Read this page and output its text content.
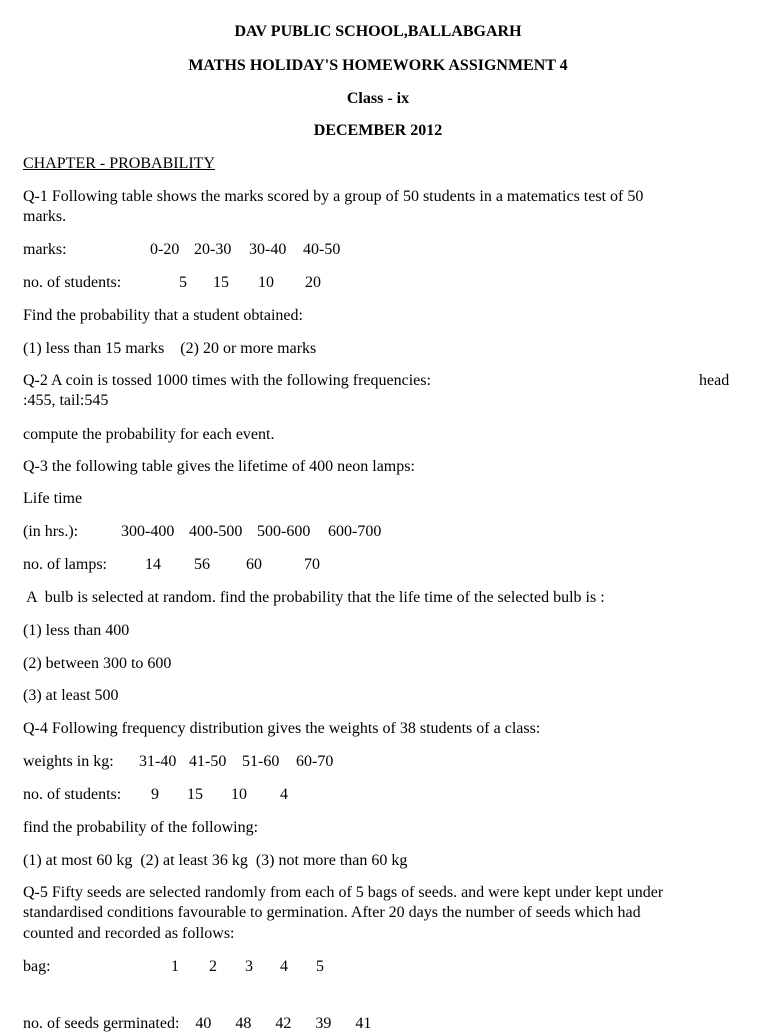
DAV PUBLIC SCHOOL,BALLABGARH
MATHS HOLIDAY'S HOMEWORK ASSIGNMENT 4
Class - ix
DECEMBER 2012
CHAPTER - PROBABILITY
Q-1 Following table shows the marks scored by a group of 50 students in a matematics test of 50
marks.
marks:	0-20 20-30 30-40 40-50
no. of students:	5 15 10 20
Find the probability that a student obtained:
(1) less than 15 marks    (2) 20 or more marks
Q-2 A coin is tossed 1000 times with the following frequencies:	head
:455, tail:545
compute the probability for each event.
Q-3 the following table gives the lifetime of 400 neon lamps:
Life time
(in hrs.):	300-400 400-500 500-600 600-700
no. of lamps: 14 56 60	70
A  bulb is selected at random. find the probability that the life time of the selected bulb is :
(1) less than 400
(2) between 300 to 600
(3) at least 500
Q-4 Following frequency distribution gives the weights of 38 students of a class:
weights in kg: 31-40 41-50 51-60 60-70
no. of students: 9 15 10 4
find the probability of the following:
(1) at most 60 kg  (2) at least 36 kg  (3) not more than 60 kg
Q-5 Fifty seeds are selected randomly from each of 5 bags of seeds. and were kept under kept under
standardised conditions favourable to germination. After 20 days the number of seeds which had
counted and recorded as follows:
bag:	1 2 3 4 5
no. of seeds germinated:    40      48      42      39      41
